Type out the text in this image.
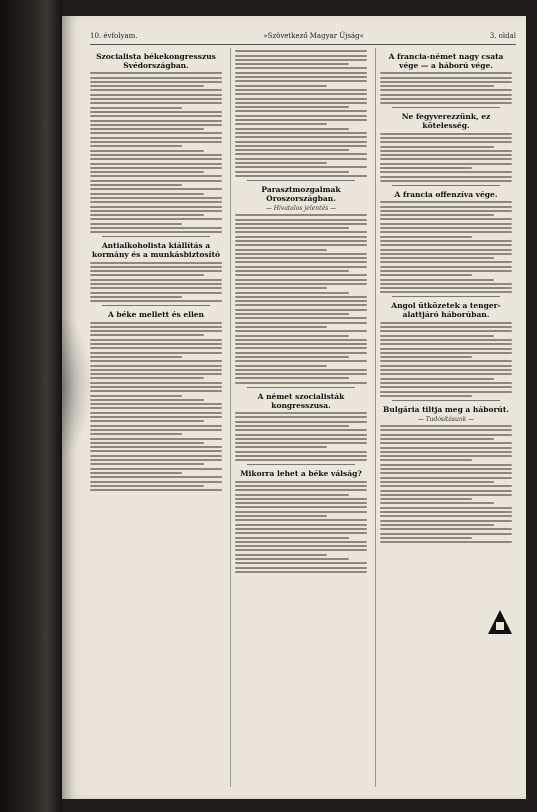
10. évfolyam.	»Szövetkező Magyar Újság«	3. oldal
Szocialista békekongresszus Svédországban.
Antialkoholista kiállítás a kormány és a munkásbiztosító
A béke mellett és ellen
Parasztmozgalmak Oroszországban.
— Hivatalos jelentés —
A német szocialisták kongresszusa.
Mikorra lehet a béke válság?
A francia-német nagy csata vége — a háború vége.
Ne fegyverezzünk, ez kötelesség.
A francia offenzíva vége.
Angol ütközetek a tenger-alattjáró háborúban.
Bulgária tiltja meg a háborút.
— Tudósításunk —
